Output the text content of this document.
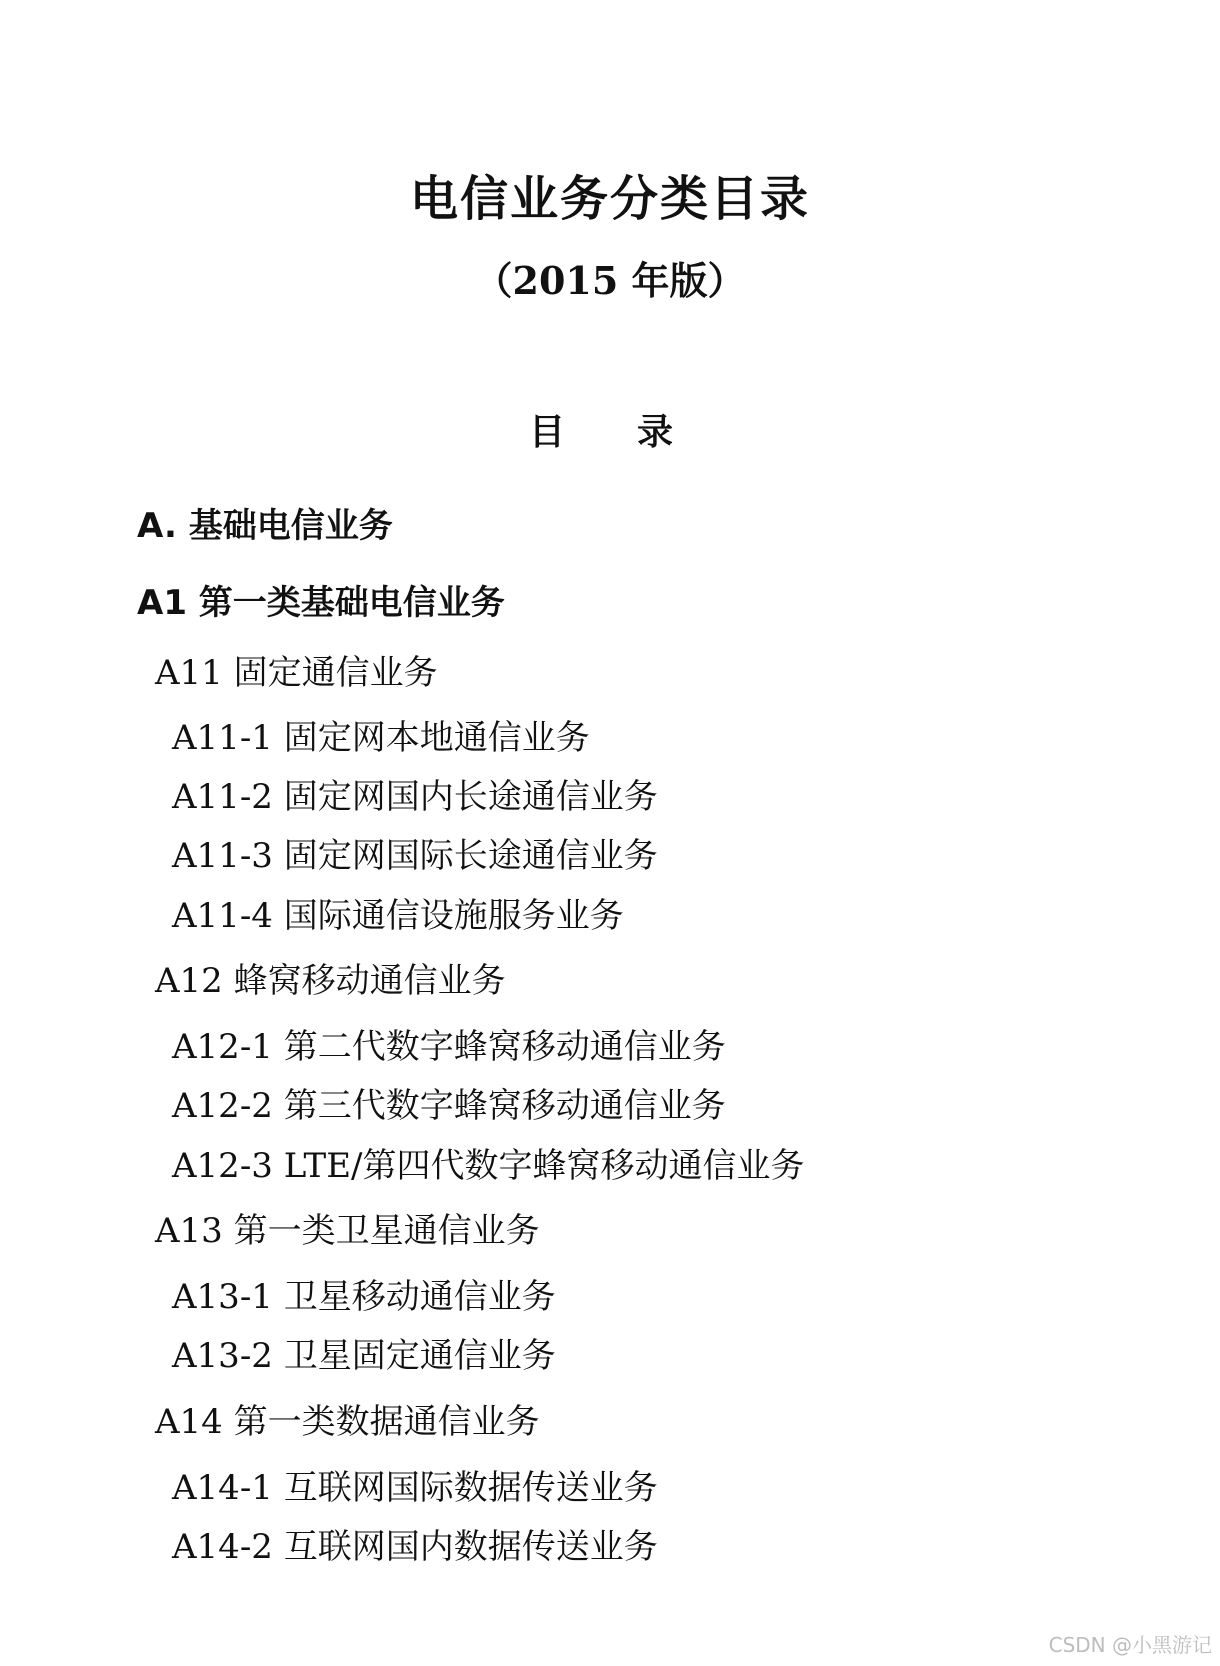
电信业务分类目录
（2015 年版）
目　录
A. 基础电信业务
A1 第一类基础电信业务
A11 固定通信业务
A11-1 固定网本地通信业务
A11-2 固定网国内长途通信业务
A11-3 固定网国际长途通信业务
A11-4 国际通信设施服务业务
A12 蜂窝移动通信业务
A12-1 第二代数字蜂窝移动通信业务
A12-2 第三代数字蜂窝移动通信业务
A12-3 LTE/第四代数字蜂窝移动通信业务
A13 第一类卫星通信业务
A13-1 卫星移动通信业务
A13-2 卫星固定通信业务
A14 第一类数据通信业务
A14-1 互联网国际数据传送业务
A14-2 互联网国内数据传送业务
CSDN @小黑游记
